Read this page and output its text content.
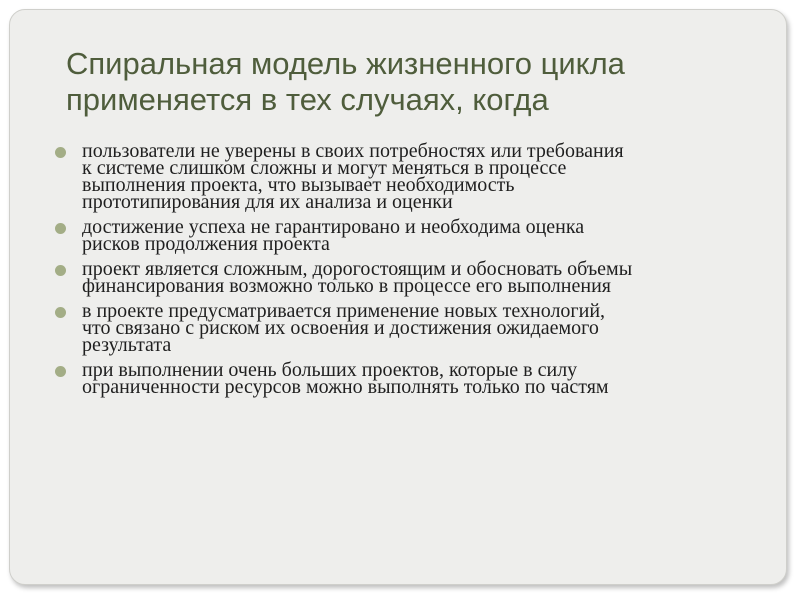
Спиральная модель жизненного цикла
применяется в тех случаях, когда
пользователи не уверены в своих потребностях или требования
к системе слишком сложны и могут меняться в процессе
выполнения проекта, что вызывает необходимость
прототипирования для их анализа и оценки
достижение успеха не гарантировано и необходима оценка
рисков продолжения проекта
проект является сложным, дорогостоящим и обосновать объемы
финансирования возможно только в процессе его выполнения
в проекте предусматривается применение новых технологий,
что связано с риском их освоения и достижения ожидаемого
результата
при выполнении очень больших проектов, которые в силу
ограниченности ресурсов можно выполнять только по частям
